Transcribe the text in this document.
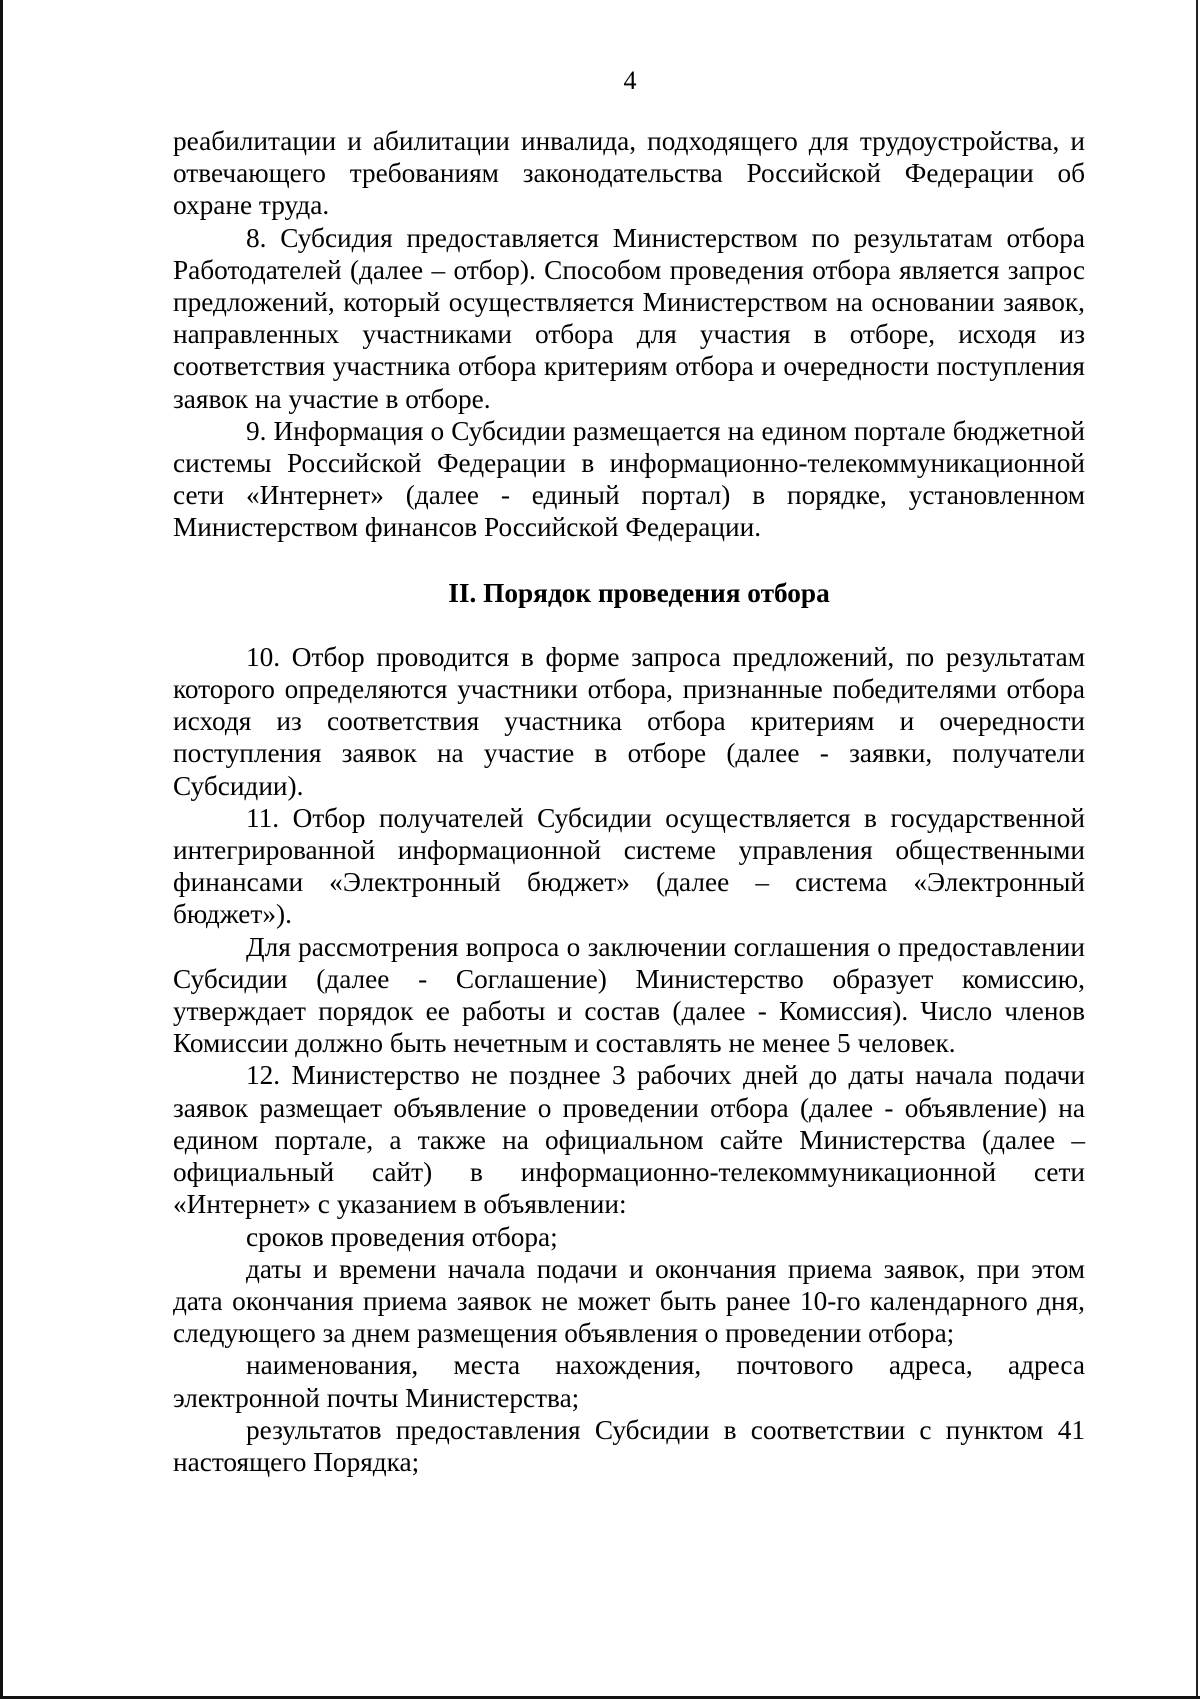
4

реабилитации и абилитации инвалида, подходящего для трудоустройства, и отвечающего требованиям законодательства Российской Федерации об охране труда.

8. Субсидия предоставляется Министерством по результатам отбора Работодателей (далее – отбор). Способом проведения отбора является запрос предложений, который осуществляется Министерством на основании заявок, направленных участниками отбора для участия в отборе, исходя из соответствия участника отбора критериям отбора и очередности поступления заявок на участие в отборе.

9. Информация о Субсидии размещается на едином портале бюджетной системы Российской Федерации в информационно-телекоммуникационной сети «Интернет» (далее - единый портал) в порядке, установленном Министерством финансов Российской Федерации.

II. Порядок проведения отбора

10. Отбор проводится в форме запроса предложений, по результатам которого определяются участники отбора, признанные победителями отбора исходя из соответствия участника отбора критериям и очередности поступления заявок на участие в отборе (далее - заявки, получатели Субсидии).

11. Отбор получателей Субсидии осуществляется в государственной интегрированной информационной системе управления общественными финансами «Электронный бюджет» (далее – система «Электронный бюджет»).

Для рассмотрения вопроса о заключении соглашения о предоставлении Субсидии (далее - Соглашение) Министерство образует комиссию, утверждает порядок ее работы и состав (далее - Комиссия). Число членов Комиссии должно быть нечетным и составлять не менее 5 человек.

12. Министерство не позднее 3 рабочих дней до даты начала подачи заявок размещает объявление о проведении отбора (далее - объявление) на едином портале, а также на официальном сайте Министерства (далее – официальный сайт) в информационно-телекоммуникационной сети «Интернет» с указанием в объявлении:

сроков проведения отбора;

даты и времени начала подачи и окончания приема заявок, при этом дата окончания приема заявок не может быть ранее 10-го календарного дня, следующего за днем размещения объявления о проведении отбора;

наименования, места нахождения, почтового адреса, адреса электронной почты Министерства;

результатов предоставления Субсидии в соответствии с пунктом 41 настоящего Порядка;
